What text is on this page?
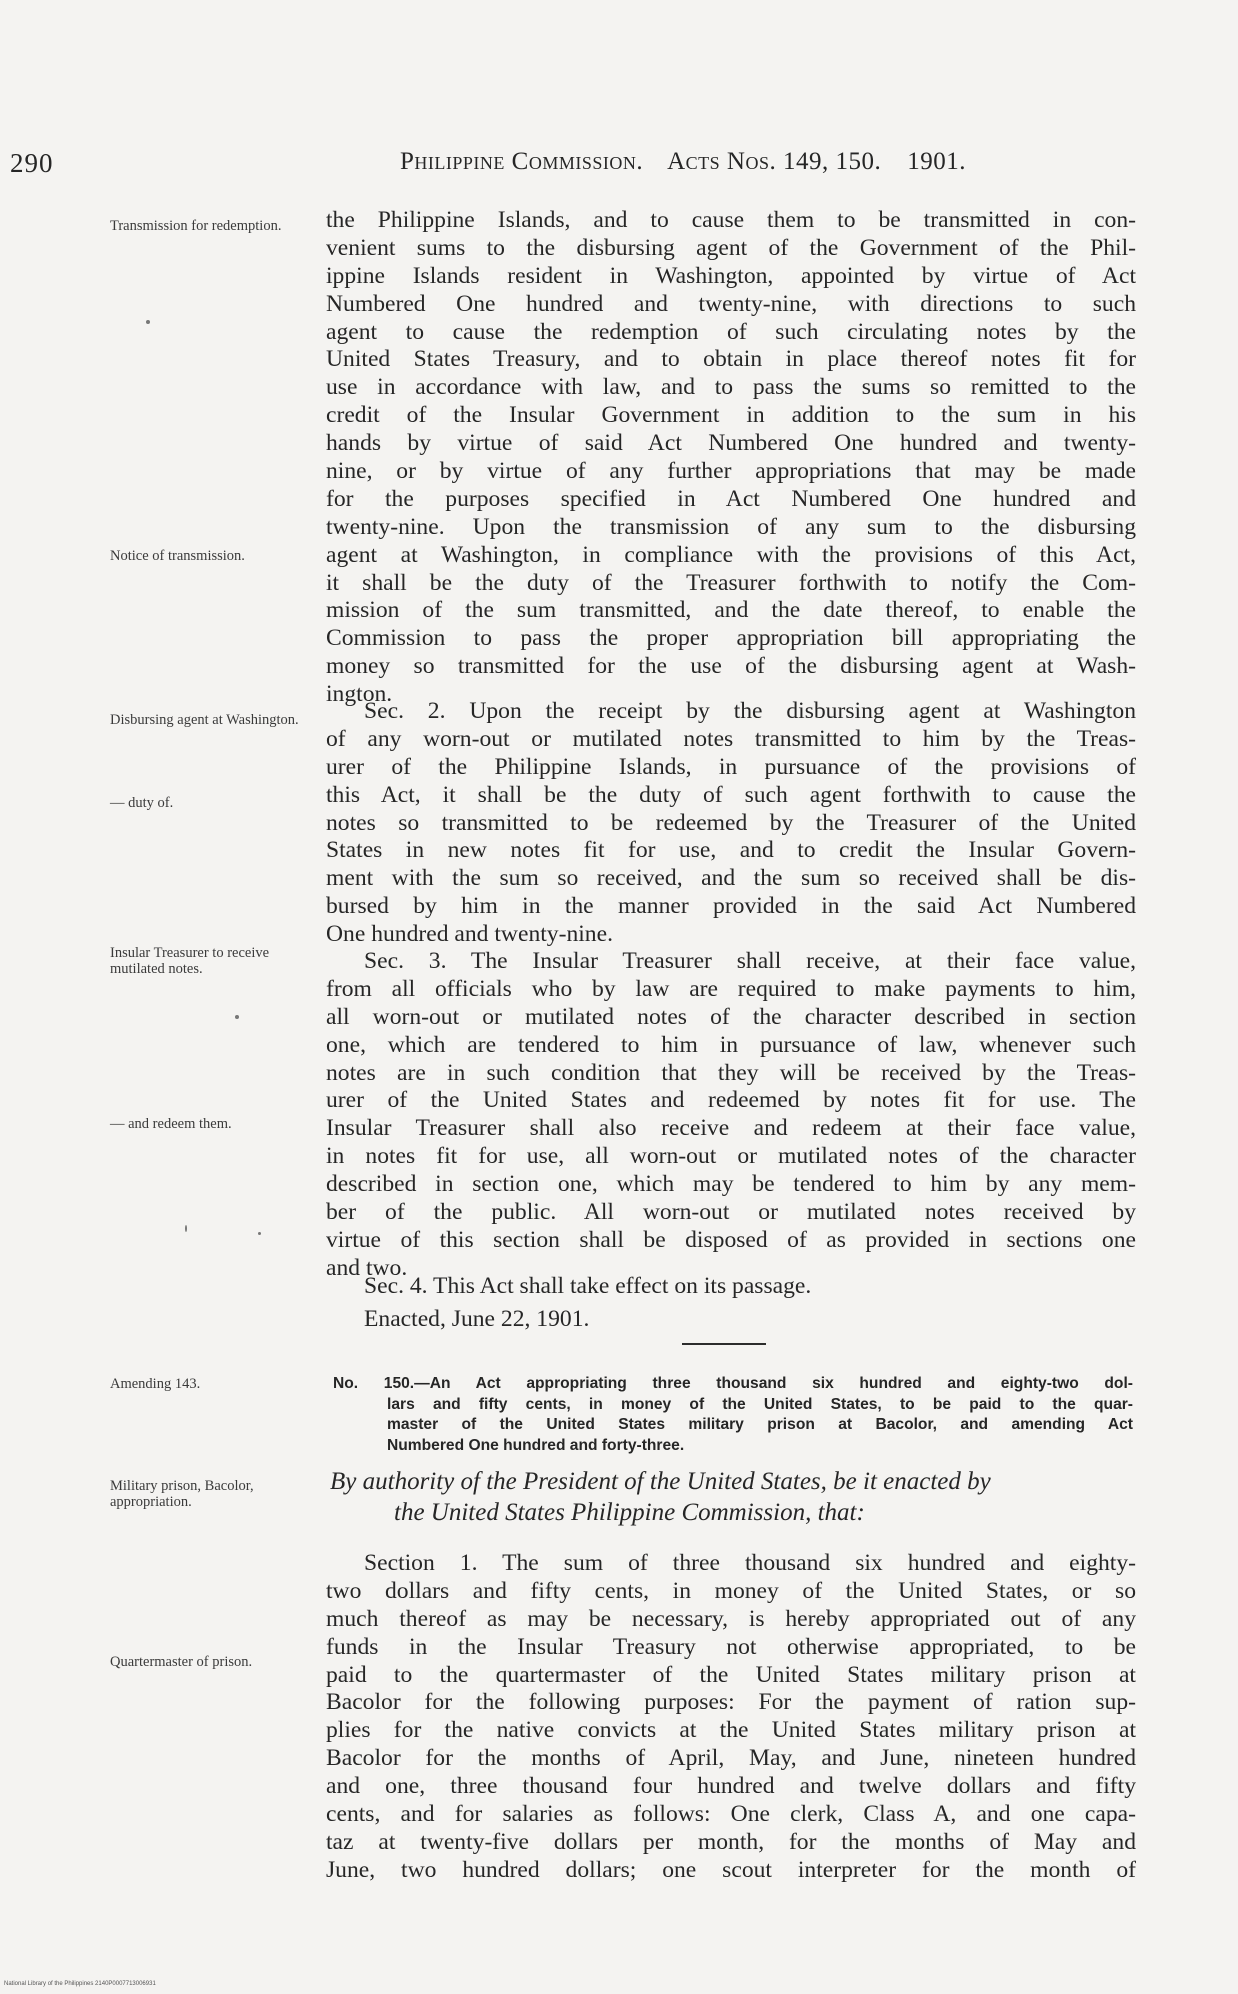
290	Philippine Commission. Acts Nos. 149, 150. 1901.
Transmission for redemption.
Notice of transmission.
Disbursing agent at Washington.
— duty of.
Insular Treasurer to receive mutilated notes.
— and redeem them.
Amending 143.
Military prison, Bacolor, appropriation.
Quartermaster of prison.
the Philippine Islands, and to cause them to be transmitted in con-
venient sums to the disbursing agent of the Government of the Phil-
ippine Islands resident in Washington, appointed by virtue of Act
Numbered One hundred and twenty-nine, with directions to such
agent to cause the redemption of such circulating notes by the
United States Treasury, and to obtain in place thereof notes fit for
use in accordance with law, and to pass the sums so remitted to the
credit of the Insular Government in addition to the sum in his
hands by virtue of said Act Numbered One hundred and twenty-
nine, or by virtue of any further appropriations that may be made
for the purposes specified in Act Numbered One hundred and
twenty-nine. Upon the transmission of any sum to the disbursing
agent at Washington, in compliance with the provisions of this Act,
it shall be the duty of the Treasurer forthwith to notify the Com-
mission of the sum transmitted, and the date thereof, to enable the
Commission to pass the proper appropriation bill appropriating the
money so transmitted for the use of the disbursing agent at Wash-
ington.
Sec. 2. Upon the receipt by the disbursing agent at Washington
of any worn-out or mutilated notes transmitted to him by the Treas-
urer of the Philippine Islands, in pursuance of the provisions of
this Act, it shall be the duty of such agent forthwith to cause the
notes so transmitted to be redeemed by the Treasurer of the United
States in new notes fit for use, and to credit the Insular Govern-
ment with the sum so received, and the sum so received shall be dis-
bursed by him in the manner provided in the said Act Numbered
One hundred and twenty-nine.
Sec. 3. The Insular Treasurer shall receive, at their face value,
from all officials who by law are required to make payments to him,
all worn-out or mutilated notes of the character described in section
one, which are tendered to him in pursuance of law, whenever such
notes are in such condition that they will be received by the Treas-
urer of the United States and redeemed by notes fit for use. The
Insular Treasurer shall also receive and redeem at their face value,
in notes fit for use, all worn-out or mutilated notes of the character
described in section one, which may be tendered to him by any mem-
ber of the public. All worn-out or mutilated notes received by
virtue of this section shall be disposed of as provided in sections one
and two.
Sec. 4. This Act shall take effect on its passage.
Enacted, June 22, 1901.
No. 150.—An Act appropriating three thousand six hundred and eighty-two dol-
lars and fifty cents, in money of the United States, to be paid to the quar-
master of the United States military prison at Bacolor, and amending Act
Numbered One hundred and forty-three.
By authority of the President of the United States, be it enacted by
the United States Philippine Commission, that:
Section 1. The sum of three thousand six hundred and eighty-
two dollars and fifty cents, in money of the United States, or so
much thereof as may be necessary, is hereby appropriated out of any
funds in the Insular Treasury not otherwise appropriated, to be
paid to the quartermaster of the United States military prison at
Bacolor for the following purposes: For the payment of ration sup-
plies for the native convicts at the United States military prison at
Bacolor for the months of April, May, and June, nineteen hundred
and one, three thousand four hundred and twelve dollars and fifty
cents, and for salaries as follows: One clerk, Class A, and one capa-
taz at twenty-five dollars per month, for the months of May and
June, two hundred dollars; one scout interpreter for the month of
National Library of the Philippines 2140P0007713006931
